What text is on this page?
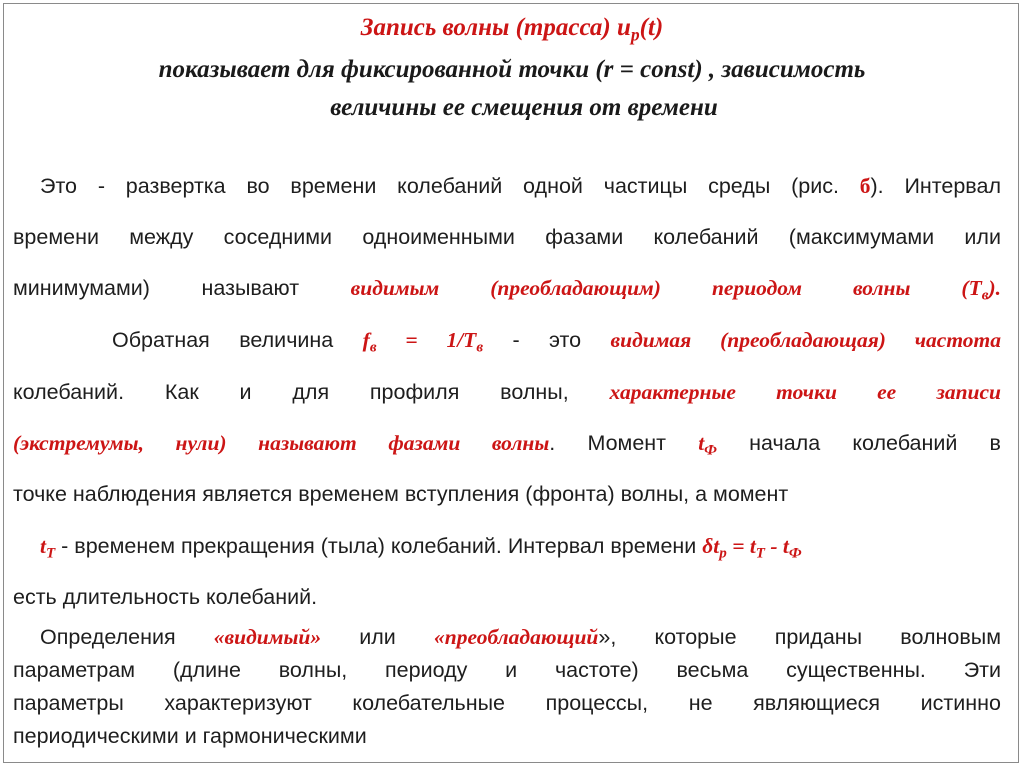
Запись волны (трасса) $u_p(t)$
показывает для фиксированной точки (r = const) , зависимость
величины ее смещения от времени
Это - развертка во времени колебаний одной частицы среды (рис. б). Интервал
времени между соседними одноименными фазами колебаний (максимумами или
минимумами) называют видимым (преобладающим) периодом волны $(T_в)$.
Обратная величина $f_в = 1/T_в$ - это видимая (преобладающая) частота
колебаний. Как и для профиля волны, характерные точки ее записи
(экстремумы, нули) называют фазами волны. Момент $t_Ф$ начала колебаний в
точке наблюдения является временем вступления (фронта) волны, а момент
$t_T$ - временем прекращения (тыла) колебаний. Интервал времени $\delta t_p = t_T - t_Ф$
есть длительность колебаний.
Определения «видимый» или «преобладающий», которые приданы волновым
параметрам (длине волны, периоду и частоте) весьма существенны. Эти
параметры характеризуют колебательные процессы, не являющиеся истинно
периодическими и гармоническими
